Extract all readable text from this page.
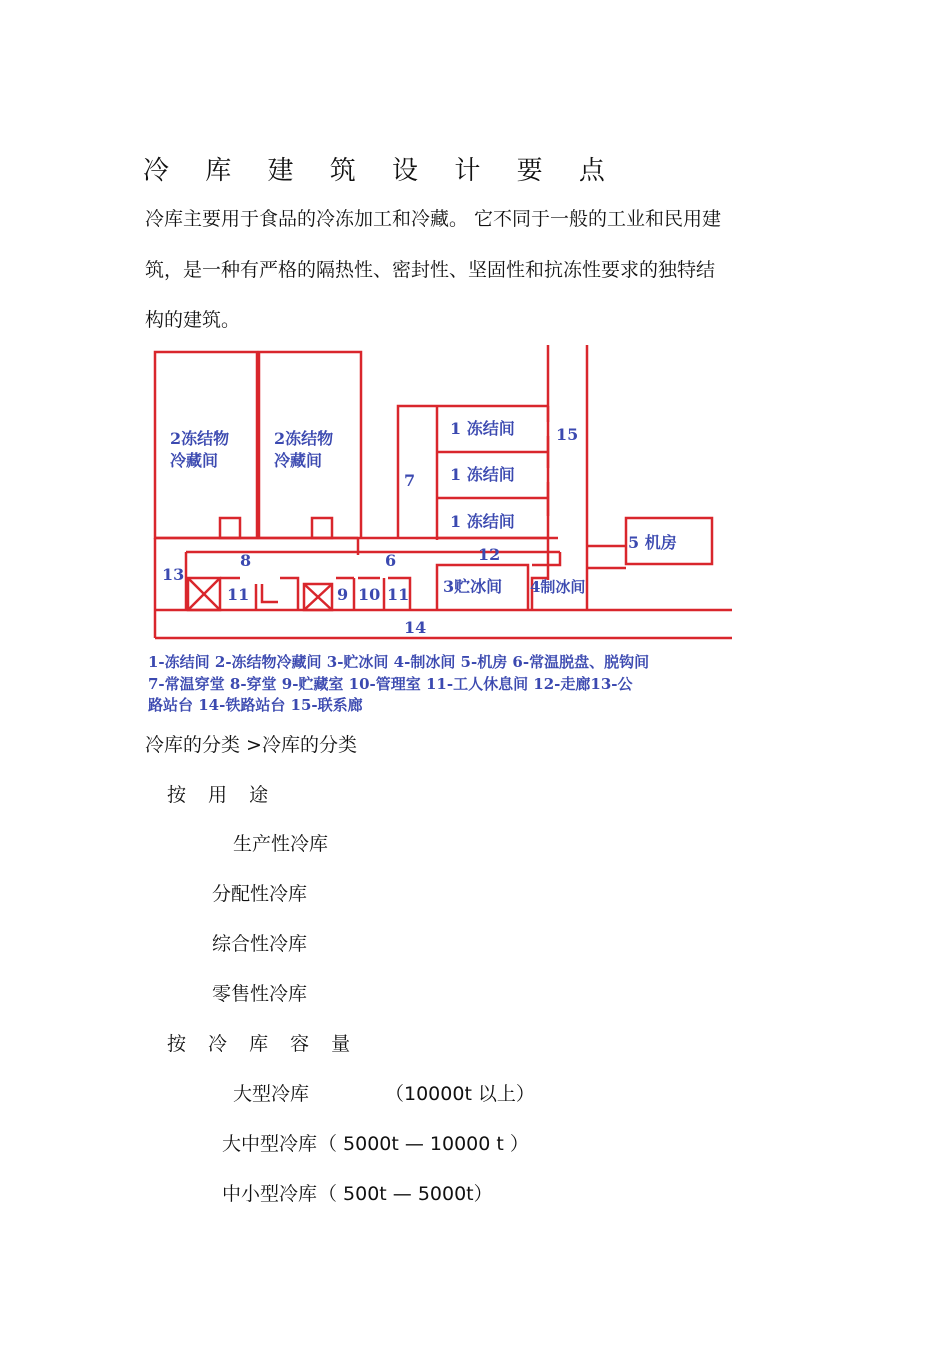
冷 库 建 筑 设 计 要 点
冷库主要用于食品的冷冻加工和冷藏。 它不同于一般的工业和民用建
筑，是一种有严格的隔热性、密封性、坚固性和抗冻性要求的独特结
构的建筑。
2冻结物
冷藏间
2冻结物
冷藏间
7
1 冻结间
1 冻结间
1 冻结间
15
5 机房
8	6	12
13
3贮冰间 4制冰间
11	9 10 11
14
1-冻结间 2-冻结物冷藏间 3-贮冰间 4-制冰间 5-机房 6-常温脱盘、脱钩间
7-常温穿堂 8-穿堂 9-贮藏室 10-管理室 11-工人休息间 12-走廊13-公
路站台 14-铁路站台 15-联系廊
冷库的分类 >冷库的分类
按 用 途
生产性冷库
分配性冷库
综合性冷库
零售性冷库
按 冷 库 容 量
大型冷库	（10000t 以上）
大中型冷库 （ 5000t — 10000 t ）
中小型冷库 （ 500t — 5000t）
